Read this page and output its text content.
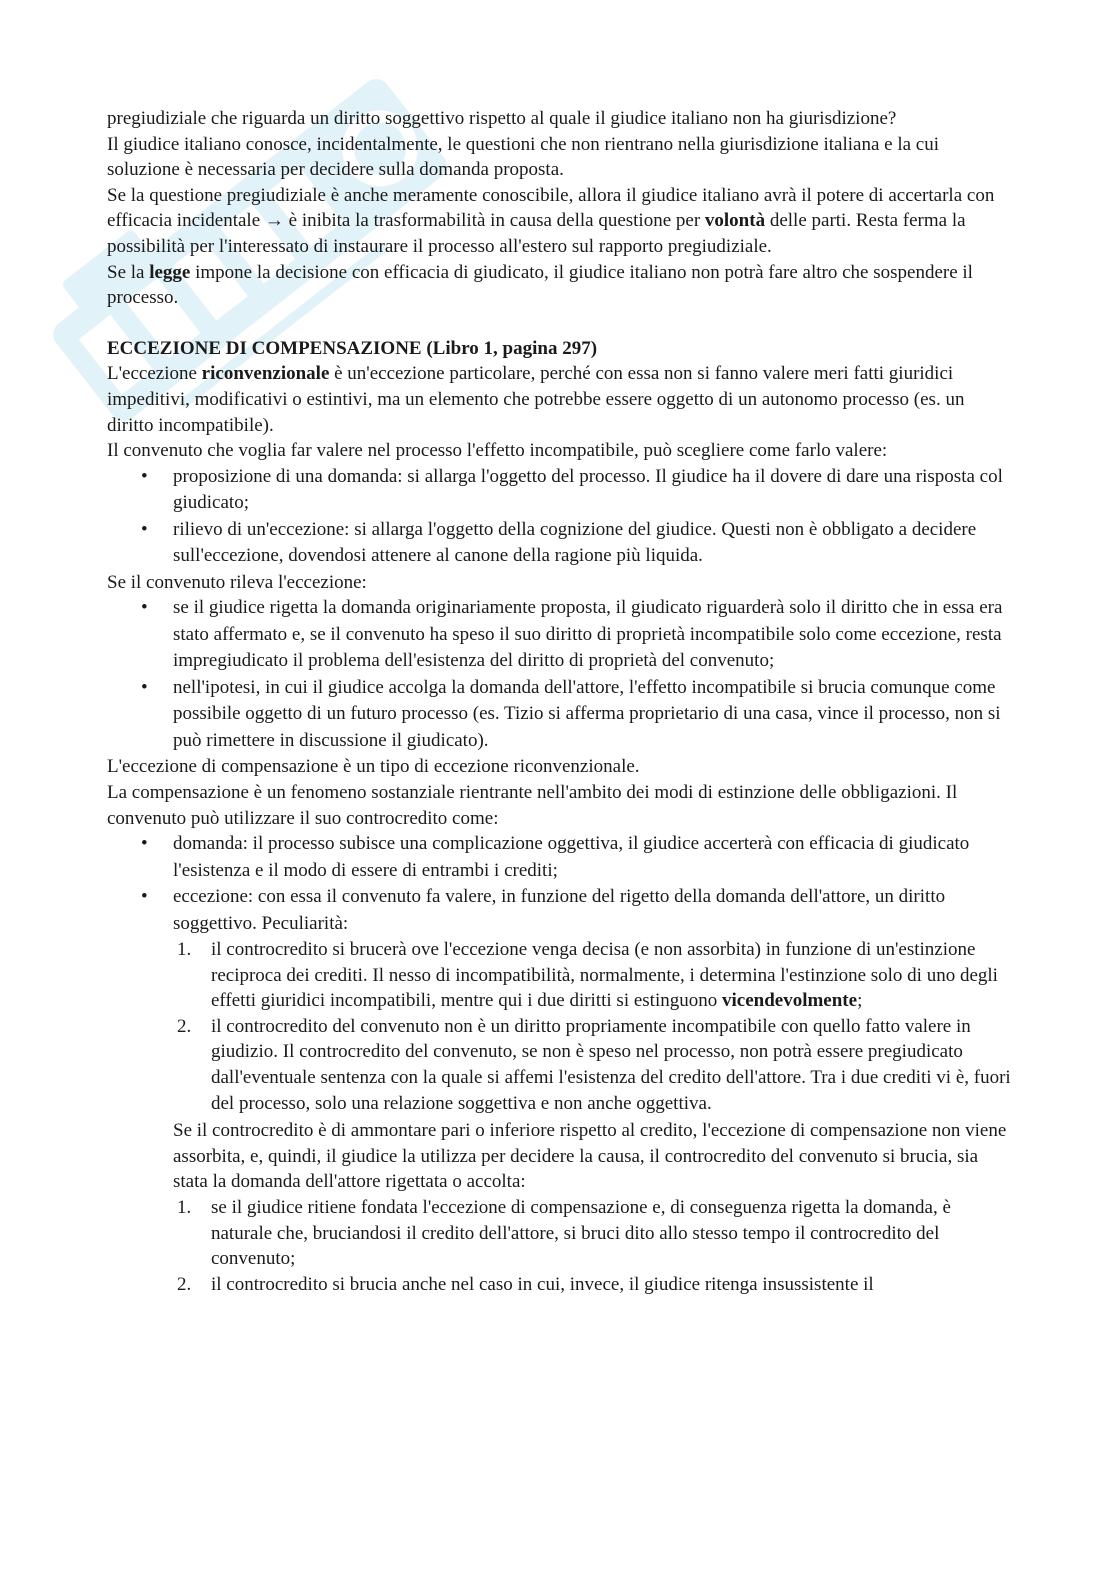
pregiudiziale che riguarda un diritto soggettivo rispetto al quale il giudice italiano non ha giurisdizione?

Il giudice italiano conosce, incidentalmente, le questioni che non rientrano nella giurisdizione italiana e la cui soluzione è necessaria per decidere sulla domanda proposta.

Se la questione pregiudiziale è anche meramente conoscibile, allora il giudice italiano avrà il potere di accertarla con efficacia incidentale → è inibita la trasformabilità in causa della questione per volontà delle parti. Resta ferma la possibilità per l'interessato di instaurare il processo all'estero sul rapporto pregiudiziale.

Se la legge impone la decisione con efficacia di giudicato, il giudice italiano non potrà fare altro che sospendere il processo.

ECCEZIONE DI COMPENSAZIONE (Libro 1, pagina 297)

L'eccezione riconvenzionale è un'eccezione particolare, perché con essa non si fanno valere meri fatti giuridici impeditivi, modificativi o estintivi, ma un elemento che potrebbe essere oggetto di un autonomo processo (es. un diritto incompatibile).

Il convenuto che voglia far valere nel processo l'effetto incompatibile, può scegliere come farlo valere:

• proposizione di una domanda: si allarga l'oggetto del processo. Il giudice ha il dovere di dare una risposta col giudicato;
• rilievo di un'eccezione: si allarga l'oggetto della cognizione del giudice. Questi non è obbligato a decidere sull'eccezione, dovendosi attenere al canone della ragione più liquida.

Se il convenuto rileva l'eccezione:

• se il giudice rigetta la domanda originariamente proposta, il giudicato riguarderà solo il diritto che in essa era stato affermato e, se il convenuto ha speso il suo diritto di proprietà incompatibile solo come eccezione, resta impregiudicato il problema dell'esistenza del diritto di proprietà del convenuto;
• nell'ipotesi, in cui il giudice accolga la domanda dell'attore, l'effetto incompatibile si brucia comunque come possibile oggetto di un futuro processo (es. Tizio si afferma proprietario di una casa, vince il processo, non si può rimettere in discussione il giudicato).

L'eccezione di compensazione è un tipo di eccezione riconvenzionale.

La compensazione è un fenomeno sostanziale rientrante nell'ambito dei modi di estinzione delle obbligazioni. Il convenuto può utilizzare il suo controcredito come:

• domanda: il processo subisce una complicazione oggettiva, il giudice accerterà con efficacia di giudicato l'esistenza e il modo di essere di entrambi i crediti;
• eccezione: con essa il convenuto fa valere, in funzione del rigetto della domanda dell'attore, un diritto soggettivo. Peculiarità:
1. il controcredito si brucerà ove l'eccezione venga decisa (e non assorbita) in funzione di un'estinzione reciproca dei crediti. Il nesso di incompatibilità, normalmente, i determina l'estinzione solo di uno degli effetti giuridici incompatibili, mentre qui i due diritti si estinguono vicendevolmente;
2. il controcredito del convenuto non è un diritto propriamente incompatibile con quello fatto valere in giudizio. Il controcredito del convenuto, se non è speso nel processo, non potrà essere pregiudicato dall'eventuale sentenza con la quale si affemi l'esistenza del credito dell'attore. Tra i due crediti vi è, fuori del processo, solo una relazione soggettiva e non anche oggettiva.

Se il controcredito è di ammontare pari o inferiore rispetto al credito, l'eccezione di compensazione non viene assorbita, e, quindi, il giudice la utilizza per decidere la causa, il controcredito del convenuto si brucia, sia stata la domanda dell'attore rigettata o accolta:

1. se il giudice ritiene fondata l'eccezione di compensazione e, di conseguenza rigetta la domanda, è naturale che, bruciandosi il credito dell'attore, si bruci dito allo stesso tempo il controcredito del convenuto;
2. il controcredito si brucia anche nel caso in cui, invece, il giudice ritenga insussistente il
